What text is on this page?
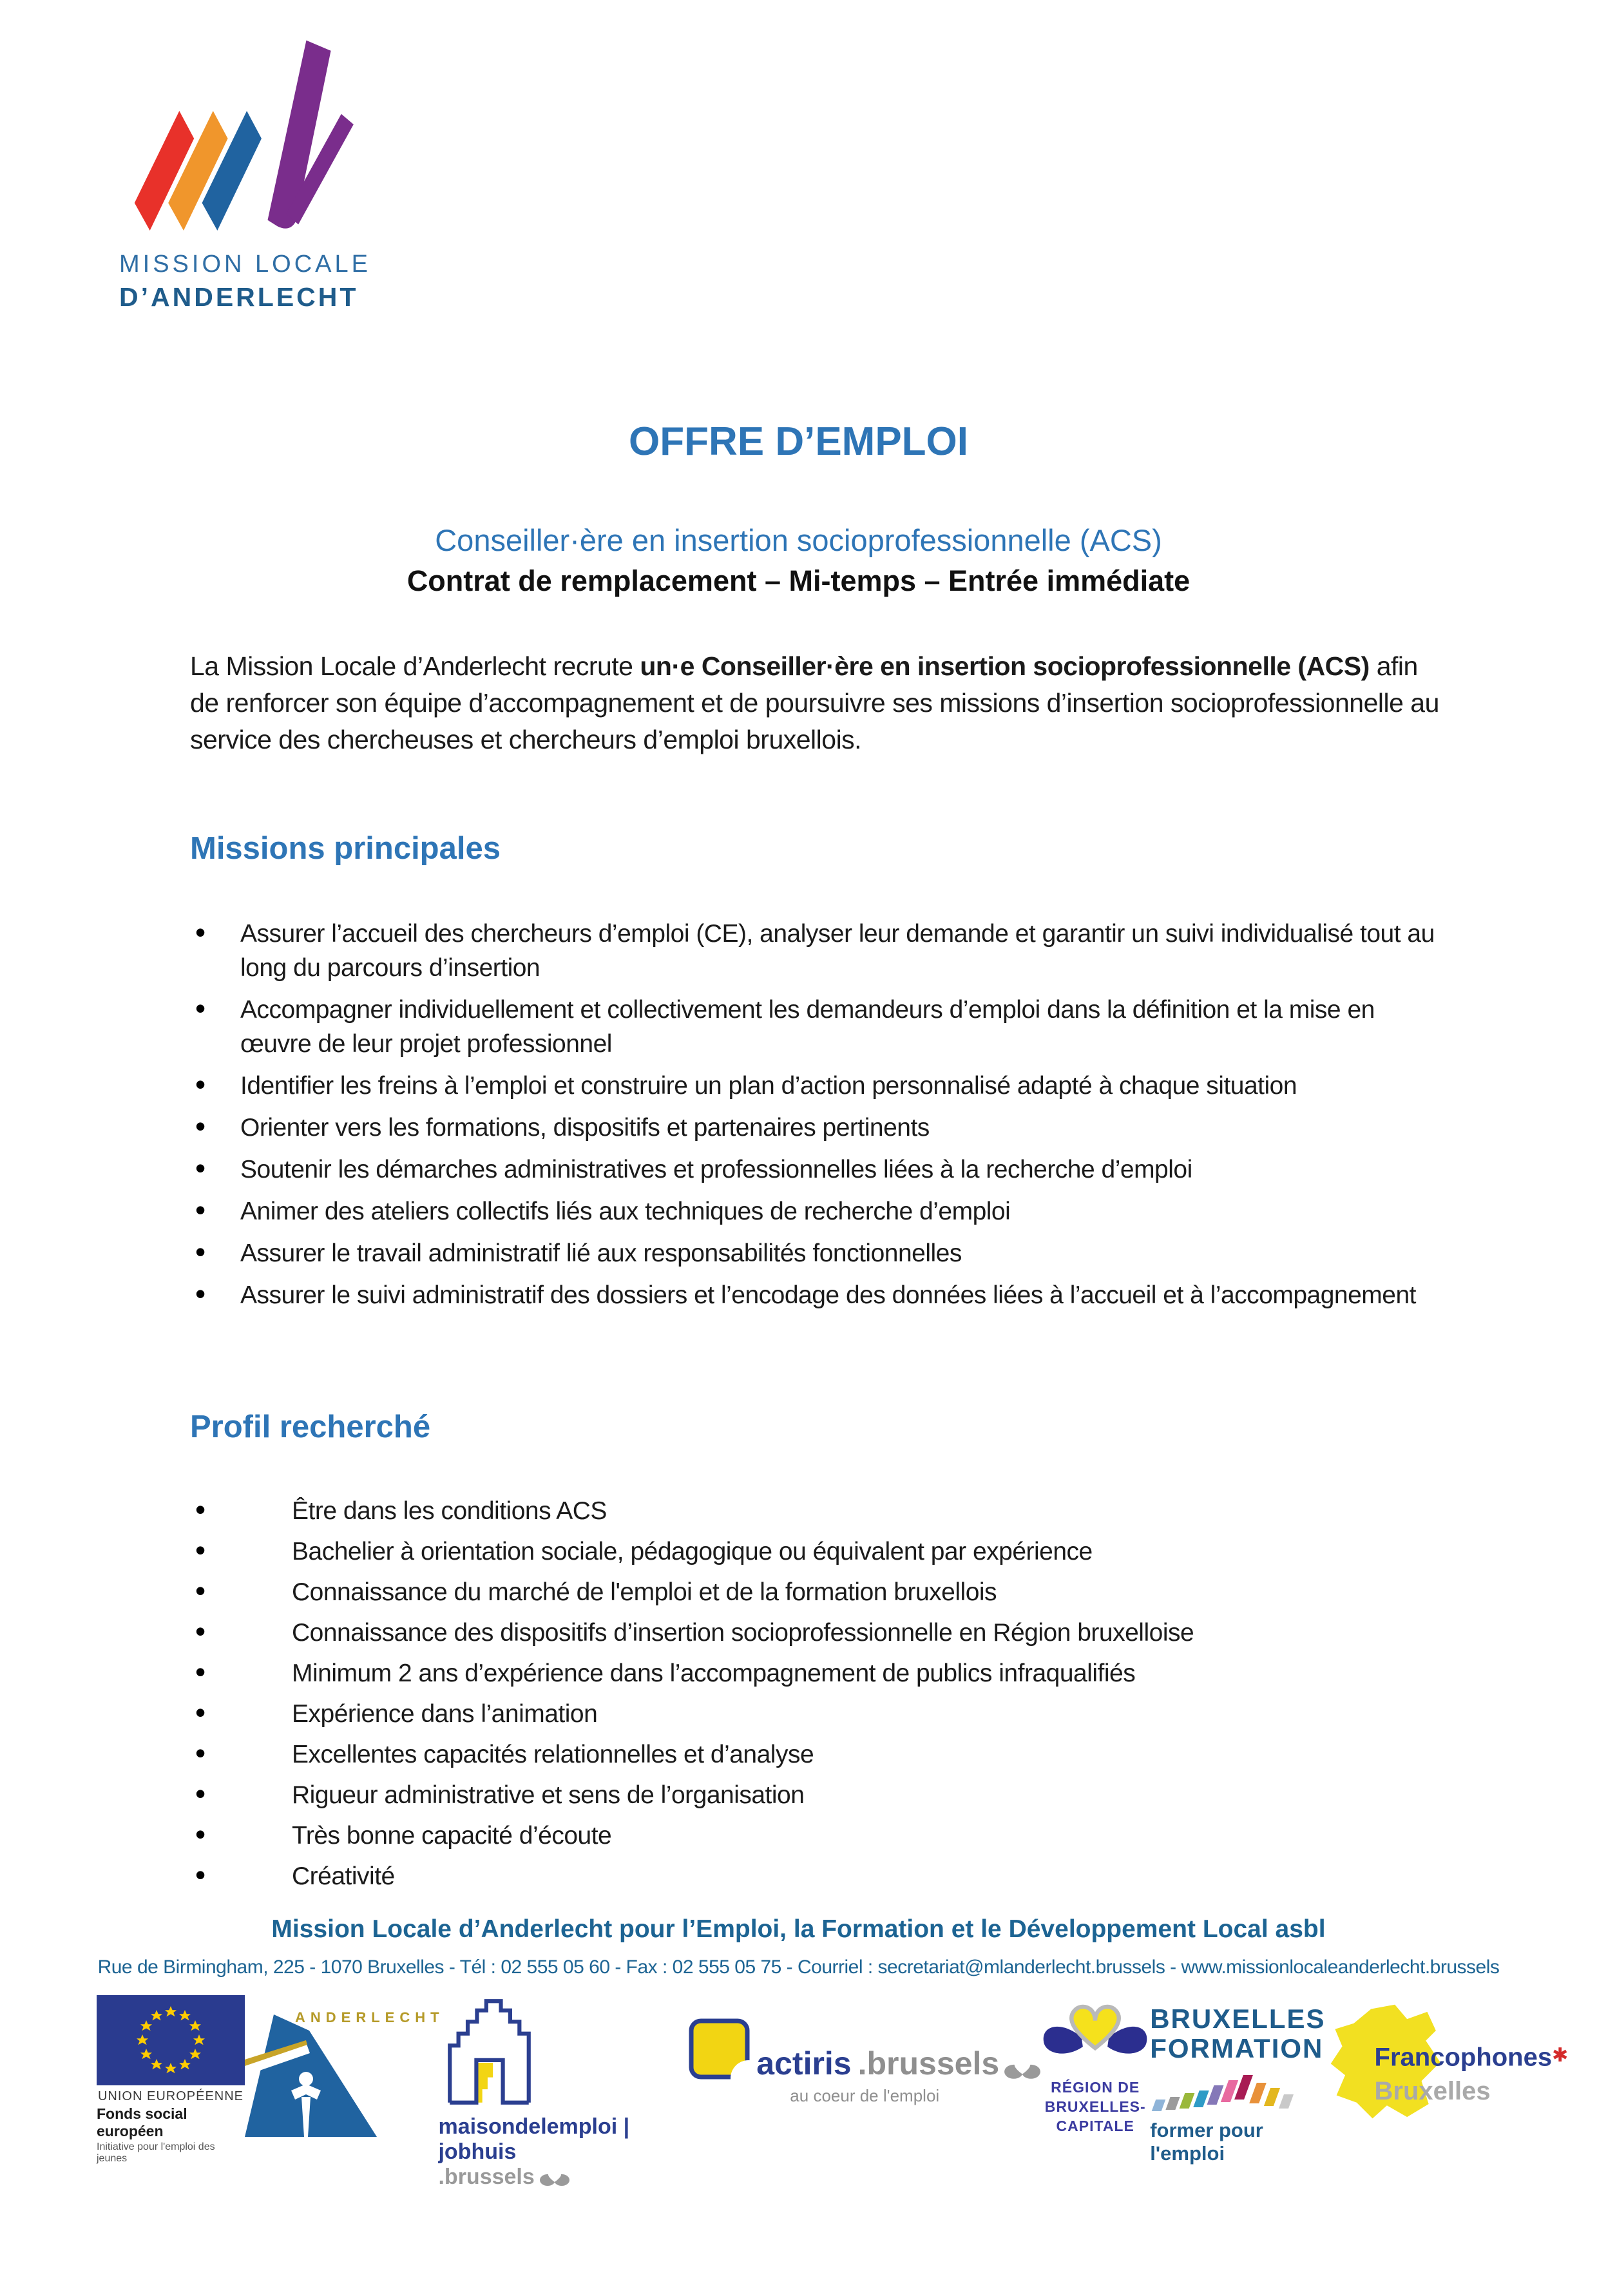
MISSION LOCALE
D’ANDERLECHT
OFFRE D’EMPLOI

Conseiller·ère en insertion socioprofessionnelle (ACS)

Contrat de remplacement – Mi-temps – Entrée immédiate

La Mission Locale d’Anderlecht recrute un·e Conseiller·ère en insertion socioprofessionnelle (ACS) afin de renforcer son équipe d’accompagnement et de poursuivre ses missions d’insertion socioprofessionnelle au service des chercheuses et chercheurs d’emploi bruxellois.

Missions principales
• Assurer l’accueil des chercheurs d’emploi (CE), analyser leur demande et garantir un suivi individualisé tout au long du parcours d’insertion
• Accompagner individuellement et collectivement les demandeurs d’emploi dans la définition et la mise en œuvre de leur projet professionnel
• Identifier les freins à l’emploi et construire un plan d’action personnalisé adapté à chaque situation
• Orienter vers les formations, dispositifs et partenaires pertinents
• Soutenir les démarches administratives et professionnelles liées à la recherche d’emploi
• Animer des ateliers collectifs liés aux techniques de recherche d’emploi
• Assurer le travail administratif lié aux responsabilités fonctionnelles
• Assurer le suivi administratif des dossiers et l’encodage des données liées à l’accueil et à l’accompagnement
Profil recherché
• Être dans les conditions ACS
• Bachelier à orientation sociale, pédagogique ou équivalent par expérience
• Connaissance du marché de l'emploi et de la formation bruxellois
• Connaissance des dispositifs d’insertion socioprofessionnelle en Région bruxelloise
• Minimum 2 ans d’expérience dans l’accompagnement de publics infraqualifiés
• Expérience dans l’animation
• Excellentes capacités relationnelles et d’analyse
• Rigueur administrative et sens de l’organisation
• Très bonne capacité d’écoute
• Créativité

Mission Locale d’Anderlecht pour l’Emploi, la Formation et le Développement Local asbl

Rue de Birmingham, 225 - 1070 Bruxelles - Tél : 02 555 05 60 - Fax : 02 555 05 75 - Courriel : secretariat@mlanderlecht.brussels - www.missionlocaleanderlecht.brussels

UNION EUROPÉENNE
Fonds social européen
Initiative pour l'emploi des jeunes
ANDERLECHT
maisondelemploi | jobhuis
.brussels
actiris .brussels
au coeur de l'emploi	RÉGION DE
BRUXELLES-
CAPITALE
BRUXELLES
FORMATION
former pour l'emploi
Francophones✱
Bruxelles
